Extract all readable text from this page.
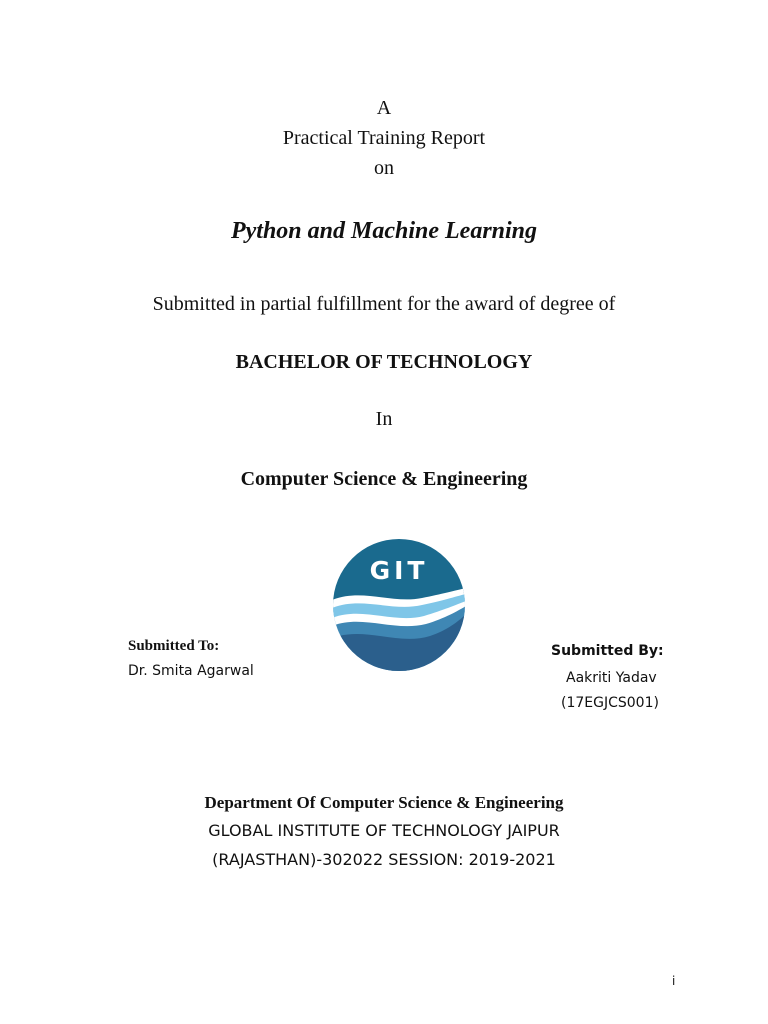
A
Practical Training Report
on
Python and Machine Learning
Submitted in partial fulfillment for the award of degree of
BACHELOR OF TECHNOLOGY
In
Computer Science & Engineering
GIT
Submitted To:
Dr. Smita Agarwal
Submitted By:
Aakriti Yadav
(17EGJCS001)
Department Of Computer Science & Engineering
GLOBAL INSTITUTE OF TECHNOLOGY JAIPUR
(RAJASTHAN)-302022 SESSION: 2019-2021
i
